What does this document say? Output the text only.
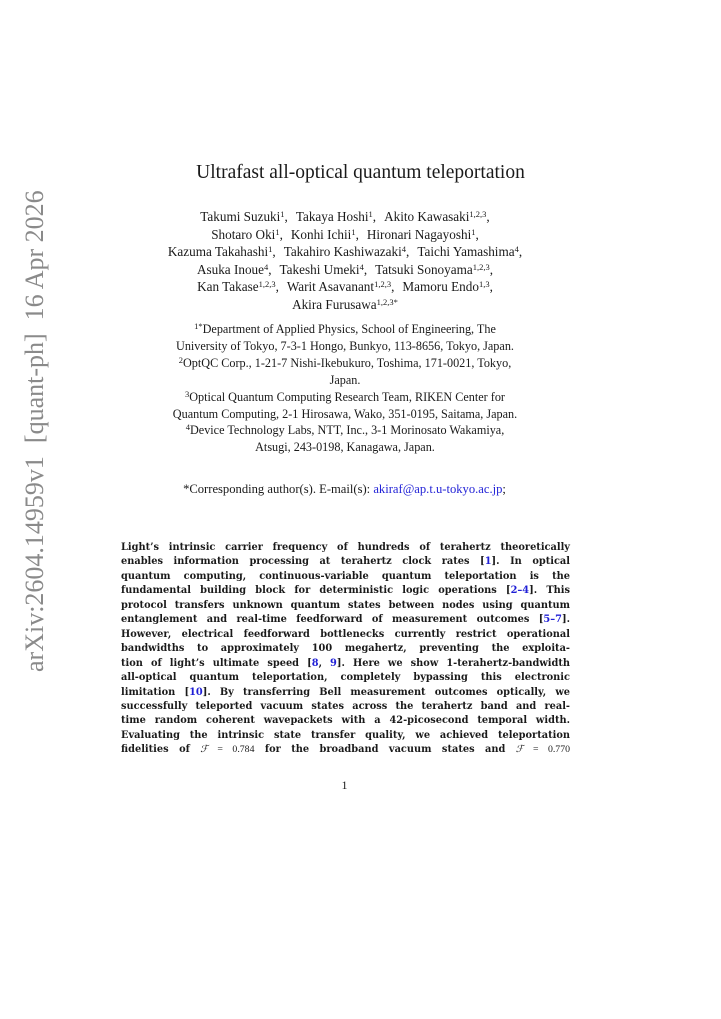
arXiv:2604.14959v1  [quant-ph]  16 Apr 2026
Ultrafast all-optical quantum teleportation
Takumi Suzuki$^1$, Takaya Hoshi$^1$, Akito Kawasaki$^{1,2,3}$,
Shotaro Oki$^1$, Konhi Ichii$^1$, Hironari Nagayoshi$^1$,
Kazuma Takahashi$^1$, Takahiro Kashiwazaki$^4$, Taichi Yamashima$^4$,
Asuka Inoue$^4$, Takeshi Umeki$^4$, Tatsuki Sonoyama$^{1,2,3}$,
Kan Takase$^{1,2,3}$, Warit Asavanant$^{1,2,3}$, Mamoru Endo$^{1,3}$,
Akira Furusawa$^{1,2,3*}$
$^{1*}$Department of Applied Physics, School of Engineering, The
University of Tokyo, 7-3-1 Hongo, Bunkyo, 113-8656, Tokyo, Japan.
$^2$OptQC Corp., 1-21-7 Nishi-Ikebukuro, Toshima, 171-0021, Tokyo,
Japan.
$^3$Optical Quantum Computing Research Team, RIKEN Center for
Quantum Computing, 2-1 Hirosawa, Wako, 351-0195, Saitama, Japan.
$^4$Device Technology Labs, NTT, Inc., 3-1 Morinosato Wakamiya,
Atsugi, 243-0198, Kanagawa, Japan.
*Corresponding author(s). E-mail(s): akiraf@ap.t.u-tokyo.ac.jp;
Light’s intrinsic carrier frequency of hundreds of terahertz theoretically
enables information processing at terahertz clock rates [1]. In optical
quantum computing, continuous-variable quantum teleportation is the
fundamental building block for deterministic logic operations [2–4]. This
protocol transfers unknown quantum states between nodes using quantum
entanglement and real-time feedforward of measurement outcomes [5–7].
However, electrical feedforward bottlenecks currently restrict operational
bandwidths to approximately 100 megahertz, preventing the exploita-
tion of light’s ultimate speed [8, 9]. Here we show 1-terahertz-bandwidth
all-optical quantum teleportation, completely bypassing this electronic
limitation [10]. By transferring Bell measurement outcomes optically, we
successfully teleported vacuum states across the terahertz band and real-
time random coherent wavepackets with a 42-picosecond temporal width.
Evaluating the intrinsic state transfer quality, we achieved teleportation
fidelities of ℱ = 0.784 for the broadband vacuum states and ℱ = 0.770
1
